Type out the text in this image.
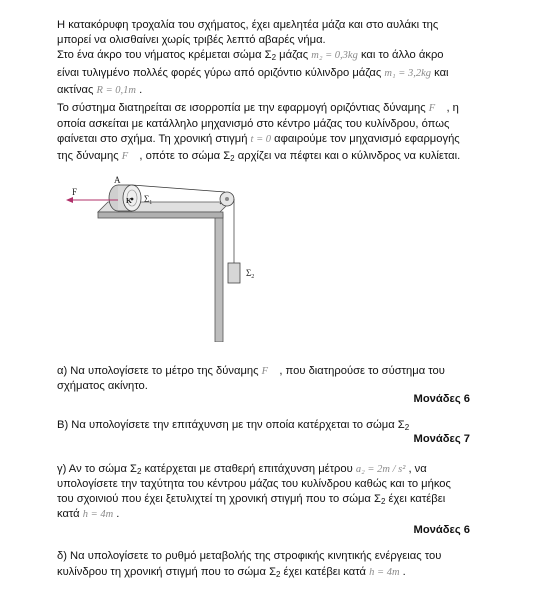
Η κατακόρυφη τροχαλία του σχήματος, έχει αμελητέα μάζα και στο αυλάκι της

μπορεί να ολισθαίνει χωρίς τριβές λεπτό αβαρές νήμα.

Στο ένα άκρο του νήματος κρέμεται σώμα $\Sigma_2$ μάζας m₂ = 0,3kg και το άλλο άκρο

είναι τυλιγμένο πολλές φορές γύρω από οριζόντιο κύλινδρο μάζας m₁ = 3,2kg και

ακτίνας R = 0,1m .

Το σύστημα διατηρείται σε ισορροπία με την εφαρμογή οριζόντιας δύναμης F⃗ , η

οποία ασκείται με κατάλληλο μηχανισμό στο κέντρο μάζας του κυλίνδρου, όπως

φαίνεται στο σχήμα. Τη χρονική στιγμή t = 0 αφαιρούμε τον μηχανισμό εφαρμογής

της δύναμης F⃗ , οπότε το σώμα $\Sigma_2$ αρχίζει να πέφτει και ο κύλινδρος να κυλίεται.

F
A
K $\Sigma_1$
$\Sigma_2$

α) Να υπολογίσετε το μέτρο της δύναμης F⃗ , που διατηρούσε το σύστημα του

σχήματος ακίνητο.

Μονάδες 6

Β) Να υπολογίσετε την επιτάχυνση με την οποία κατέρχεται το σώμα $\Sigma_2$

Μονάδες 7

γ) Αν το σώμα $\Sigma_2$ κατέρχεται με σταθερή επιτάχυνση μέτρου a₂ = 2m / s² , να

υπολογίσετε την ταχύτητα του κέντρου μάζας του κυλίνδρου καθώς και το μήκος

του σχοινιού που έχει ξετυλιχτεί τη χρονική στιγμή που το σώμα $\Sigma_2$ έχει κατέβει

κατά h = 4m .

Μονάδες 6

δ) Να υπολογίσετε το ρυθμό μεταβολής της στροφικής κινητικής ενέργειας του

κυλίνδρου τη χρονική στιγμή που το σώμα $\Sigma_2$ έχει κατέβει κατά h = 4m .
